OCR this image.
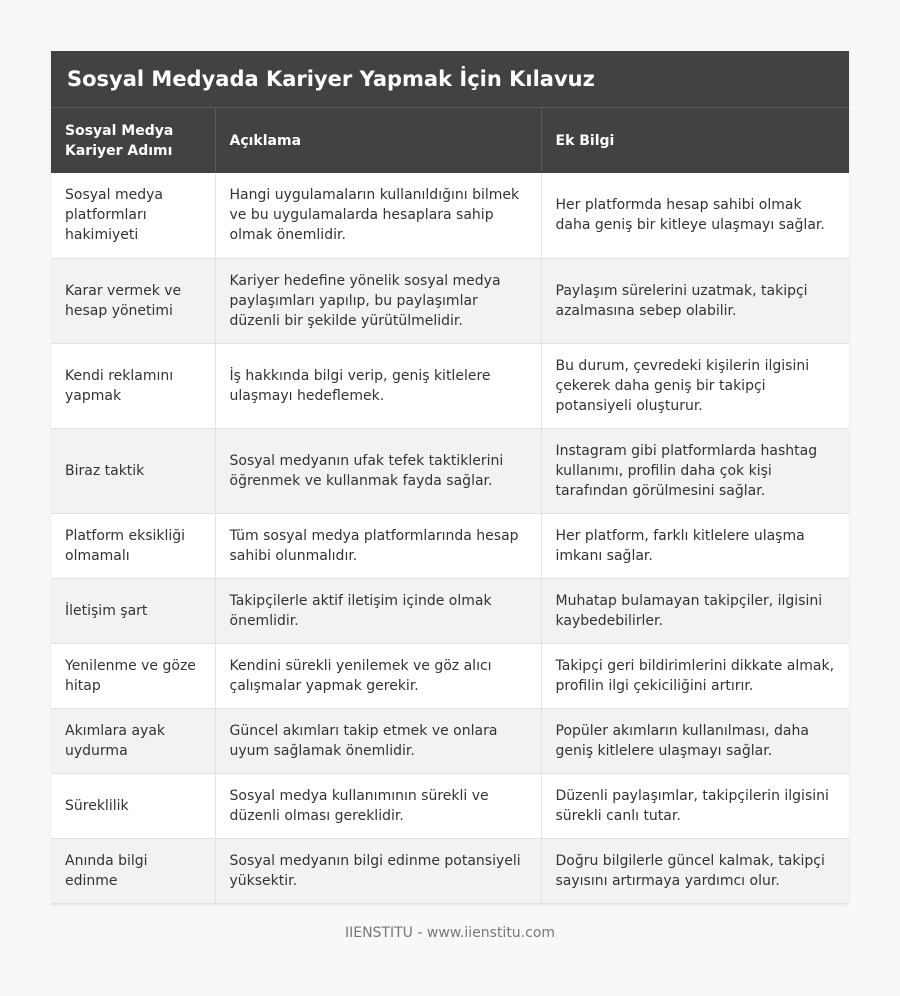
Sosyal Medyada Kariyer Yapmak İçin Kılavuz
Sosyal Medya Kariyer Adımı	Açıklama	Ek Bilgi
Sosyal medya platformları hakimiyeti	Hangi uygulamaların kullanıldığını bilmek ve bu uygulamalarda hesaplara sahip olmak önemlidir.	Her platformda hesap sahibi olmak daha geniş bir kitleye ulaşmayı sağlar.
Karar vermek ve hesap yönetimi	Kariyer hedefine yönelik sosyal medya paylaşımları yapılıp, bu paylaşımlar düzenli bir şekilde yürütülmelidir.	Paylaşım sürelerini uzatmak, takipçi azalmasına sebep olabilir.
Kendi reklamını yapmak	İş hakkında bilgi verip, geniş kitlelere ulaşmayı hedeflemek.	Bu durum, çevredeki kişilerin ilgisini çekerek daha geniş bir takipçi potansiyeli oluşturur.
Biraz taktik	Sosyal medyanın ufak tefek taktiklerini öğrenmek ve kullanmak fayda sağlar.	Instagram gibi platformlarda hashtag kullanımı, profilin daha çok kişi tarafından görülmesini sağlar.
Platform eksikliği olmamalı	Tüm sosyal medya platformlarında hesap sahibi olunmalıdır.	Her platform, farklı kitlelere ulaşma imkanı sağlar.
İletişim şart	Takipçilerle aktif iletişim içinde olmak önemlidir.	Muhatap bulamayan takipçiler, ilgisini kaybedebilirler.
Yenilenme ve göze hitap	Kendini sürekli yenilemek ve göz alıcı çalışmalar yapmak gerekir.	Takipçi geri bildirimlerini dikkate almak, profilin ilgi çekiciliğini artırır.
Akımlara ayak uydurma	Güncel akımları takip etmek ve onlara uyum sağlamak önemlidir.	Popüler akımların kullanılması, daha geniş kitlelere ulaşmayı sağlar.
Süreklilik	Sosyal medya kullanımının sürekli ve düzenli olması gereklidir.	Düzenli paylaşımlar, takipçilerin ilgisini sürekli canlı tutar.
Anında bilgi edinme	Sosyal medyanın bilgi edinme potansiyeli yüksektir.	Doğru bilgilerle güncel kalmak, takipçi sayısını artırmaya yardımcı olur.
IIENSTITU - www.iienstitu.com
